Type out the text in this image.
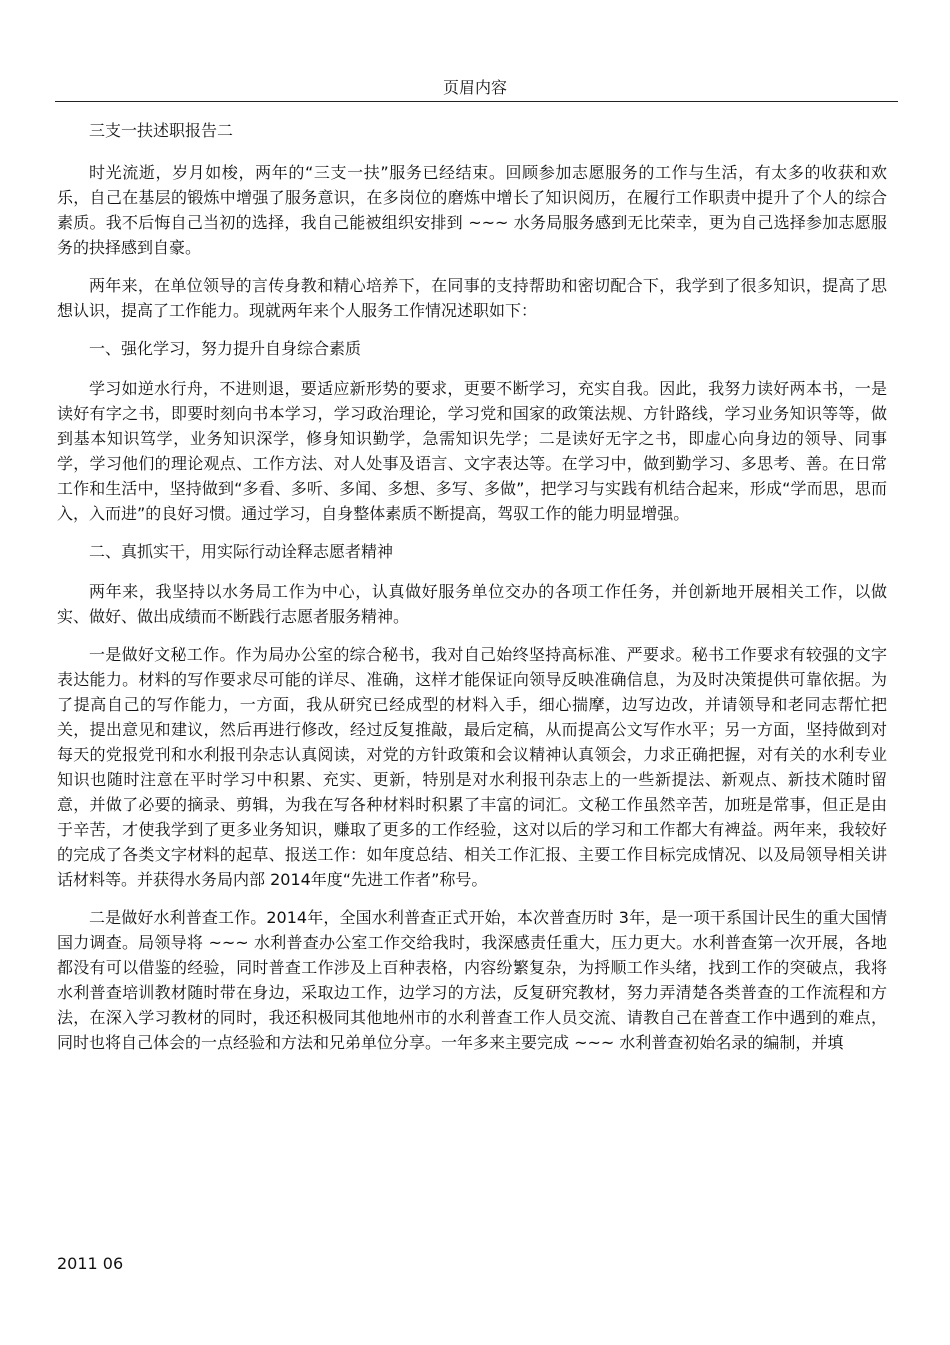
页眉内容

三支一扶述职报告二

时光流逝，岁月如梭，两年的“三支一扶”服务已经结束。回顾参加志愿服务的工作与生活，有太多的收获和欢乐，自己在基层的锻炼中增强了服务意识，在多岗位的磨炼中增长了知识阅历，在履行工作职责中提升了个人的综合素质。我不后悔自己当初的选择，我自己能被组织安排到 ~~~ 水务局服务感到无比荣幸，更为自己选择参加志愿服务的抉择感到自豪。

两年来，在单位领导的言传身教和精心培养下，在同事的支持帮助和密切配合下，我学到了很多知识，提高了思想认识，提高了工作能力。现就两年来个人服务工作情况述职如下：

一、强化学习，努力提升自身综合素质

学习如逆水行舟，不进则退，要适应新形势的要求，更要不断学习，充实自我。因此，我努力读好两本书，一是读好有字之书，即要时刻向书本学习，学习政治理论，学习党和国家的政策法规、方针路线，学习业务知识等等，做到基本知识笃学，业务知识深学，修身知识勤学，急需知识先学；二是读好无字之书，即虚心向身边的领导、同事学，学习他们的理论观点、工作方法、对人处事及语言、文字表达等。在学习中，做到勤学习、多思考、善。在日常工作和生活中，坚持做到“多看、多听、多闻、多想、多写、多做”，把学习与实践有机结合起来，形成“学而思，思而入，入而进”的良好习惯。通过学习，自身整体素质不断提高，驾驭工作的能力明显增强。

二、真抓实干，用实际行动诠释志愿者精神

两年来，我坚持以水务局工作为中心，认真做好服务单位交办的各项工作任务，并创新地开展相关工作，以做实、做好、做出成绩而不断践行志愿者服务精神。

一是做好文秘工作。作为局办公室的综合秘书，我对自己始终坚持高标准、严要求。秘书工作要求有较强的文字表达能力。材料的写作要求尽可能的详尽、准确，这样才能保证向领导反映准确信息，为及时决策提供可靠依据。为了提高自己的写作能力，一方面，我从研究已经成型的材料入手，细心揣摩，边写边改，并请领导和老同志帮忙把关，提出意见和建议，然后再进行修改，经过反复推敲，最后定稿，从而提高公文写作水平；另一方面，坚持做到对每天的党报党刊和水利报刊杂志认真阅读，对党的方针政策和会议精神认真领会，力求正确把握，对有关的水利专业知识也随时注意在平时学习中积累、充实、更新，特别是对水利报刊杂志上的一些新提法、新观点、新技术随时留意，并做了必要的摘录、剪辑，为我在写各种材料时积累了丰富的词汇。文秘工作虽然辛苦，加班是常事，但正是由于辛苦，才使我学到了更多业务知识，赚取了更多的工作经验，这对以后的学习和工作都大有裨益。两年来，我较好的完成了各类文字材料的起草、报送工作：如年度总结、相关工作汇报、主要工作目标完成情况、以及局领导相关讲话材料等。并获得水务局内部 2014年度“先进工作者”称号。

二是做好水利普查工作。2014年，全国水利普查正式开始，本次普查历时 3年，是一项干系国计民生的重大国情国力调查。局领导将 ~~~ 水利普查办公室工作交给我时，我深感责任重大，压力更大。水利普查第一次开展，各地都没有可以借鉴的经验，同时普查工作涉及上百种表格，内容纷繁复杂，为捋顺工作头绪，找到工作的突破点，我将水利普查培训教材随时带在身边，采取边工作，边学习的方法，反复研究教材，努力弄清楚各类普查的工作流程和方法，在深入学习教材的同时，我还积极同其他地州市的水利普查工作人员交流、请教自己在普查工作中遇到的难点，同时也将自己体会的一点经验和方法和兄弟单位分享。一年多来主要完成 ~~~ 水利普查初始名录的编制，并填

2011 06
